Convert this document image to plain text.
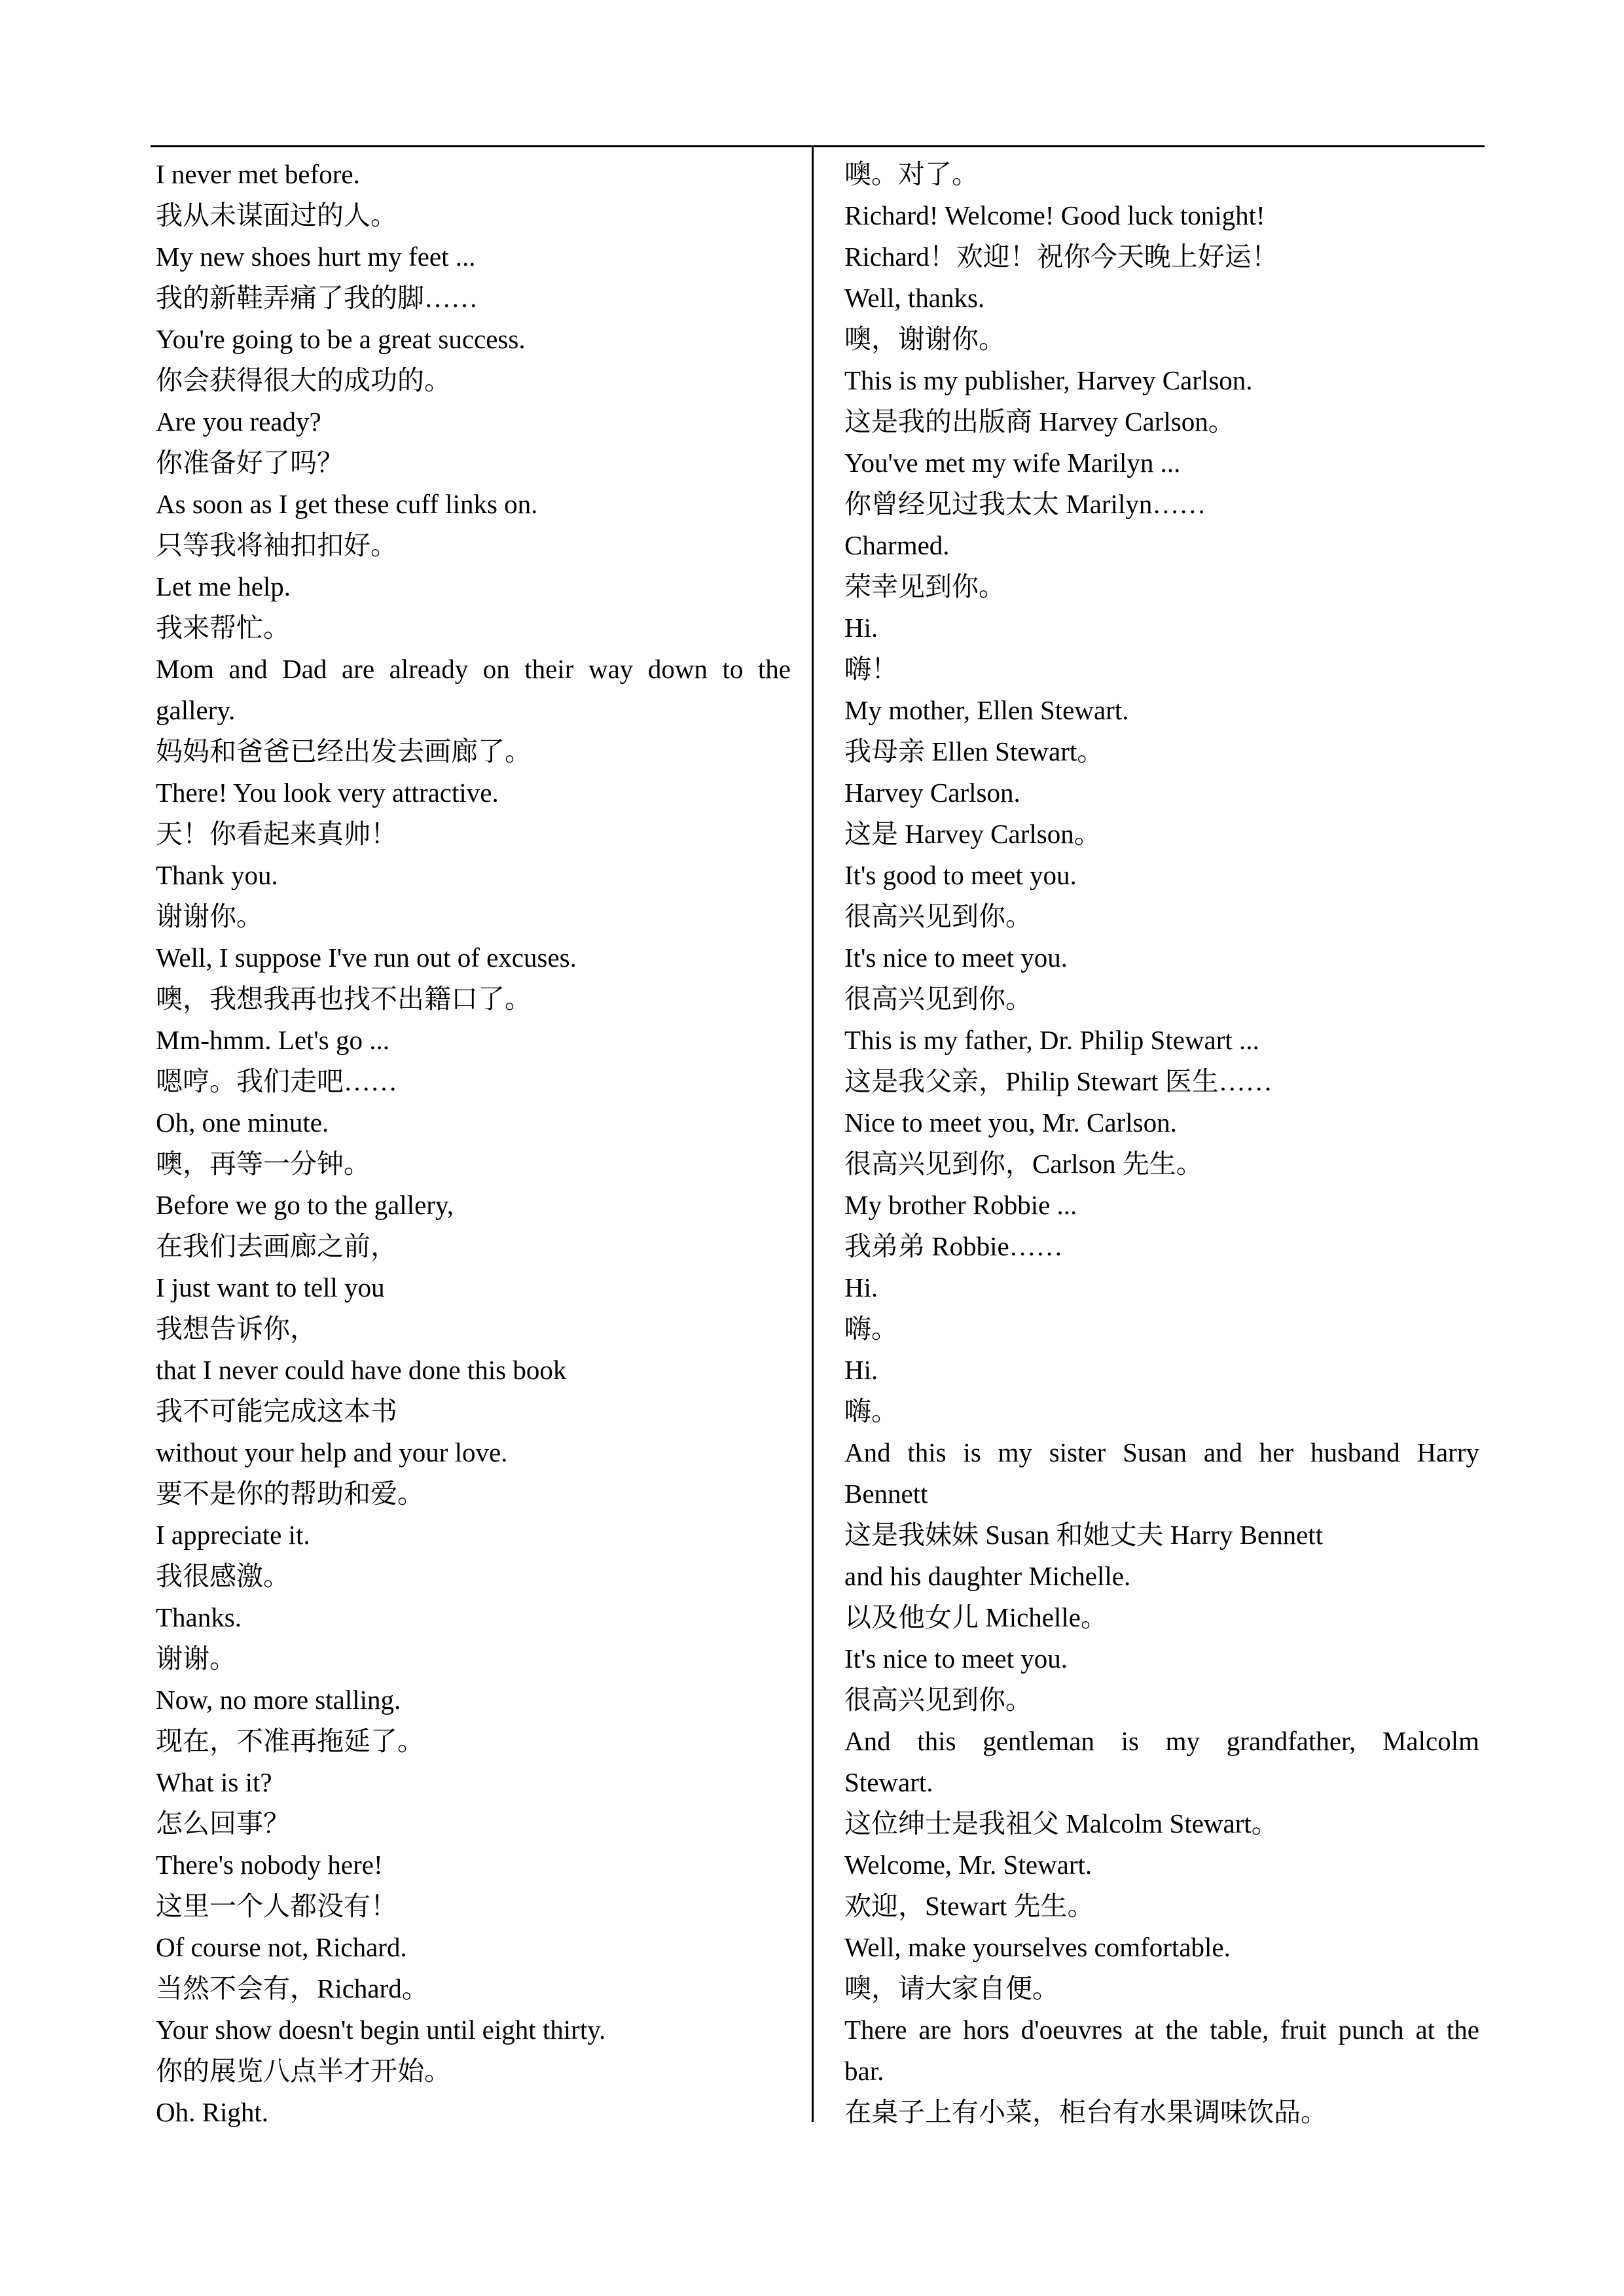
I never met before.
我从未谋面过的人。
My new shoes hurt my feet ...
我的新鞋弄痛了我的脚……
You're going to be a great success.
你会获得很大的成功的。
Are you ready?
你准备好了吗？
As soon as I get these cuff links on.
只等我将袖扣扣好。
Let me help.
我来帮忙。
Mom and Dad are already on their way down to the
gallery.
妈妈和爸爸已经出发去画廊了。
There! You look very attractive.
天！你看起来真帅！
Thank you.
谢谢你。
Well, I suppose I've run out of excuses.
噢，我想我再也找不出籍口了。
Mm-hmm. Let's go ...
嗯哼。我们走吧……
Oh, one minute.
噢，再等一分钟。
Before we go to the gallery,
在我们去画廊之前，
I just want to tell you
我想告诉你，
that I never could have done this book
我不可能完成这本书
without your help and your love.
要不是你的帮助和爱。
I appreciate it.
我很感激。
Thanks.
谢谢。
Now, no more stalling.
现在，不准再拖延了。
What is it?
怎么回事？
There's nobody here!
这里一个人都没有！
Of course not, Richard.
当然不会有，Richard。
Your show doesn't begin until eight thirty.
你的展览八点半才开始。
Oh. Right.
噢。对了。
Richard! Welcome! Good luck tonight!
Richard！欢迎！祝你今天晚上好运！
Well, thanks.
噢，谢谢你。
This is my publisher, Harvey Carlson.
这是我的出版商 Harvey Carlson。
You've met my wife Marilyn ...
你曾经见过我太太 Marilyn……
Charmed.
荣幸见到你。
Hi.
嗨！
My mother, Ellen Stewart.
我母亲 Ellen Stewart。
Harvey Carlson.
这是 Harvey Carlson。
It's good to meet you.
很高兴见到你。
It's nice to meet you.
很高兴见到你。
This is my father, Dr. Philip Stewart ...
这是我父亲，Philip Stewart 医生……
Nice to meet you, Mr. Carlson.
很高兴见到你，Carlson 先生。
My brother Robbie ...
我弟弟 Robbie……
Hi.
嗨。
Hi.
嗨。
And this is my sister Susan and her husband Harry
Bennett
这是我妹妹 Susan 和她丈夫 Harry Bennett
and his daughter Michelle.
以及他女儿 Michelle。
It's nice to meet you.
很高兴见到你。
And this gentleman is my grandfather, Malcolm
Stewart.
这位绅士是我祖父 Malcolm Stewart。
Welcome, Mr. Stewart.
欢迎，Stewart 先生。
Well, make yourselves comfortable.
噢，请大家自便。
There are hors d'oeuvres at the table, fruit punch at the
bar.
在桌子上有小菜，柜台有水果调味饮品。
